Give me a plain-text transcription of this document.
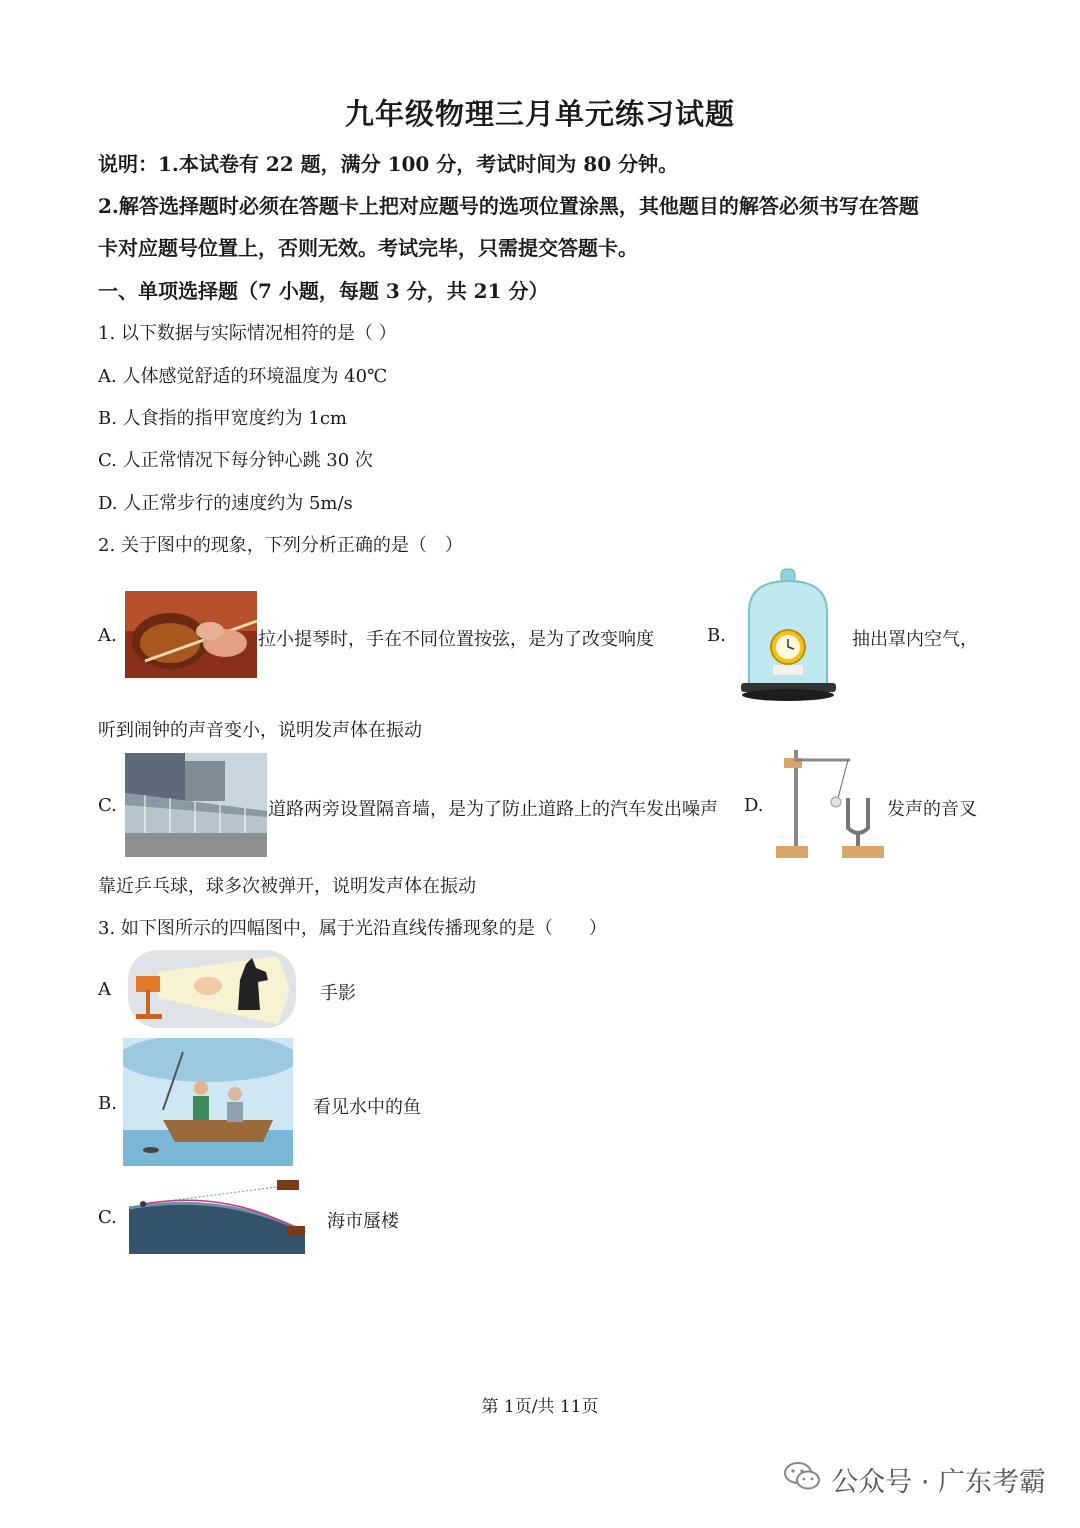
九年级物理三月单元练习试题
说明：1.本试卷有 22 题，满分 100 分，考试时间为 80 分钟。
2.解答选择题时必须在答题卡上把对应题号的选项位置涂黑，其他题目的解答必须书写在答题
卡对应题号位置上，否则无效。考试完毕，只需提交答题卡。
一、单项选择题（7 小题，每题 3 分，共 21 分）
1. 以下数据与实际情况相符的是（ ）
A. 人体感觉舒适的环境温度为 40℃
B. 人食指的指甲宽度约为 1cm
C. 人正常情况下每分钟心跳 30 次
D. 人正常步行的速度约为 5m/s
2. 关于图中的现象，下列分析正确的是（　）
A.	拉小提琴时，手在不同位置按弦，是为了改变响度	B.	抽出罩内空气，
听到闹钟的声音变小，说明发声体在振动
C.	道路两旁设置隔音墙，是为了防止道路上的汽车发出噪声 D.	发声的音叉
靠近乒乓球，球多次被弹开，说明发声体在振动
3. 如下图所示的四幅图中，属于光沿直线传播现象的是（　　）
A	手影
B.	看见水中的鱼
C.	海市蜃楼
第 1页/共 11页
公众号 · 广东考霸
